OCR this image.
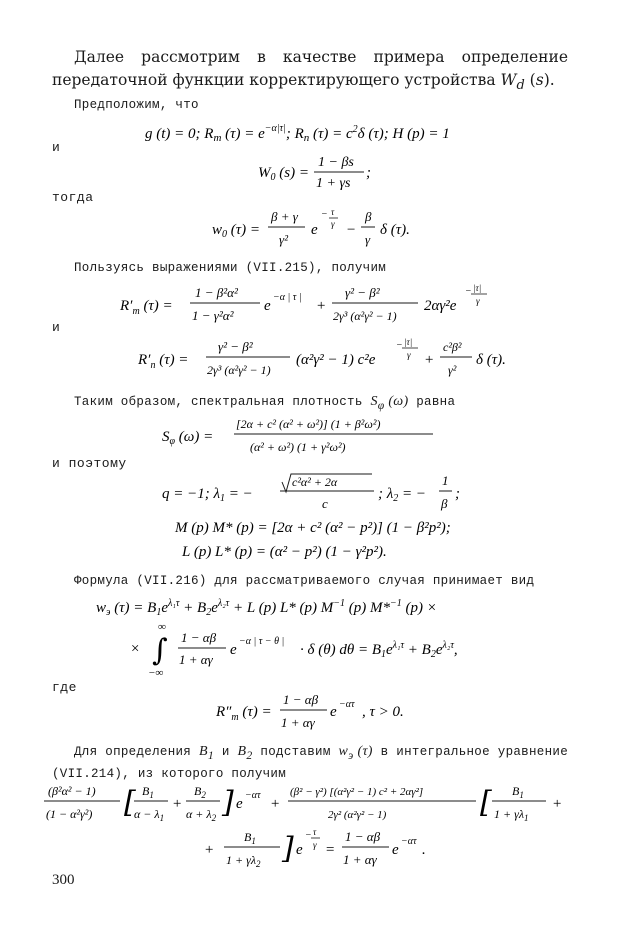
Далее рассмотрим в качестве примера определение передаточной функции корректирующего устройства $W_d$ (s).
Предположим, что
g (t) = 0; $R_m$ $(\tau) = e^{-\alpha|\tau|}$; $R_n$ $(\tau) = c^2\delta$ (τ); H (p) = 1
и
$W_0$ (s) =
1 − βs
1 + γs
;
тогда
$w_0$ (τ) =
β + γ
γ²
e
− τ
γ −
β
γ
δ (τ).
Пользуясь выражениями (VII.215), получим
$R'_m$ (τ) =
1 − β²α²
1 − γ²α²
e
−α | τ |
+
γ² − β²
2γ³ (α²γ² − 1)
2αγ²e
− |τ|
γ
и
$R'_n$ (τ) =
γ² − β²
2γ³ (α²γ² − 1)
(α²γ² − 1) c²e
− |τ|
γ +
c²β²
γ²
δ (τ).
Таким образом, спектральная плотность $S_\varphi$ (ω) равна
$S_\varphi$ (ω) =
[2α + c² (α² + ω²)] (1 + β²ω²)
(α² + ω²) (1 + γ²ω²)
и поэтому
q = −1; $\lambda_1$ = −
c²α² + 2α
c
; $\lambda_2$ = −
1
β
;
M (p) M* (p) = [2α + c² (α² − p²)] (1 − β²p²);
L (p) L* (p) = (α² − p²) (1 − γ²p²).
Формула (VII.216) для рассматриваемого случая принимает вид
$w_э$ $(\tau) = B_1e^{\lambda_1\tau} + B_2e^{\lambda_2\tau} + L$ (p) L* (p) $M^{-1}$ (p) M*$^{-1}$ (p) ×
×
∞
∫
−∞
1 − αβ
1 + αγ
e
−α | τ − θ |
· δ (θ) $d\theta = B_1e^{\lambda_1\tau} + B_2e^{\lambda_2\tau}$,
где
$R''_m$ (τ) =
1 − αβ
1 + αγ
e −ατ , τ > 0.
Для определения $B_1$ и $B_2$ подставим $w_э$ (τ) в интегральное уравнение (VII.214), из которого получим
(β²α² − 1)
(1 − α²γ²) [ $B_1$
$\alpha - \lambda_1$
+
$B_2$
$\alpha + \lambda_2$ ] e
−ατ
+
(β² − γ²) [(α²γ² − 1) c² + 2αγ²]
2γ² (α²γ² − 1)	[ $B_1$
$1 + \gamma\lambda_1$
+
+
$B_1$
$1 + \gamma\lambda_2$ ] e
− τ
γ =
1 − αβ
1 + αγ
e
−ατ
.
300
